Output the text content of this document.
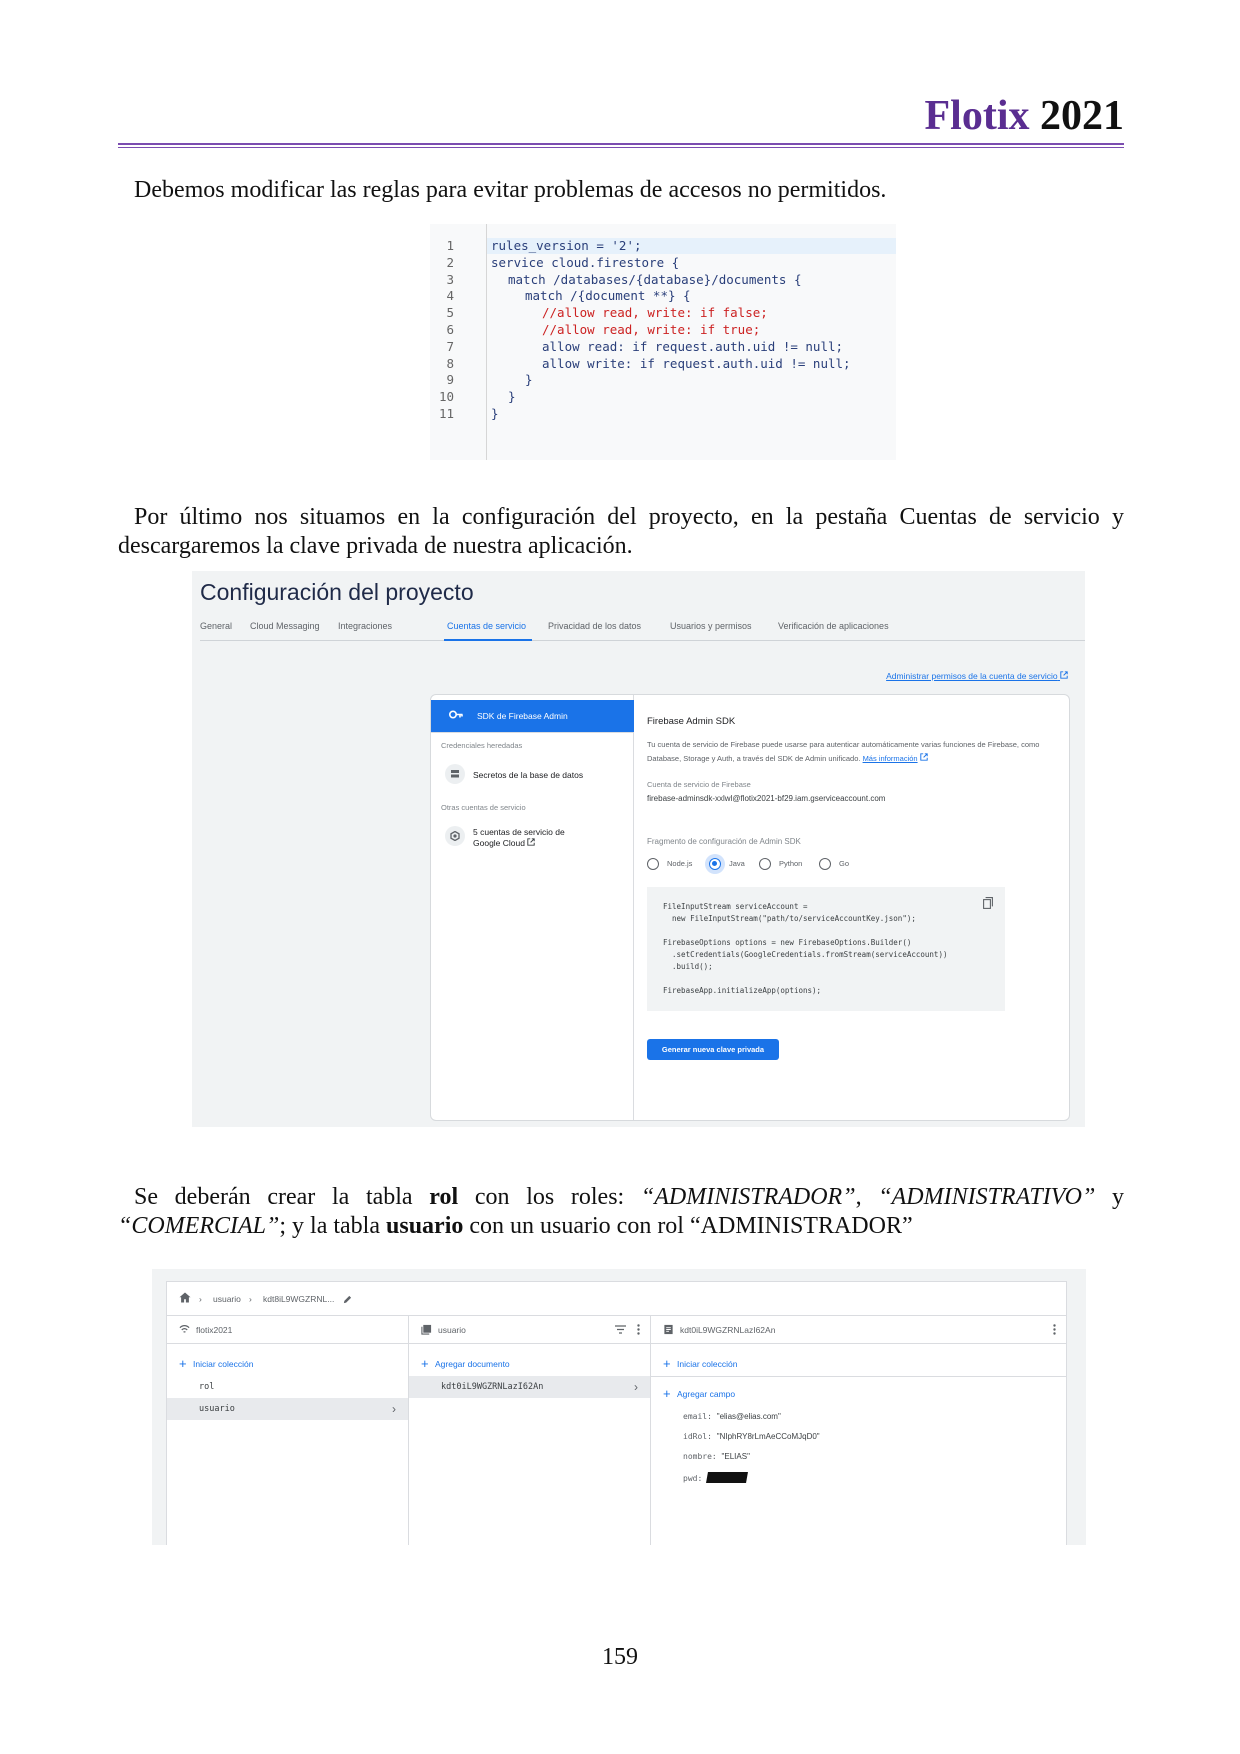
Flotix 2021
Debemos modificar las reglas para evitar problemas de accesos no permitidos.
1	rules_version = '2';
2	service cloud.firestore {
3	match /databases/{database}/documents {
4	match /{document **} {
5	//allow read, write: if false;
6	//allow read, write: if true;
7	allow read: if request.auth.uid != null;
8	allow write: if request.auth.uid != null;
9	}
10	}
11	}
Por último nos situamos en la configuración del proyecto, en la pestaña Cuentas de servicio y descargaremos la clave privada de nuestra aplicación.
Configuración del proyecto
General Cloud Messaging Integraciones	Cuentas de servicio Privacidad de los datos	Usuarios y permisos	Verificación de aplicaciones
Administrar permisos de la cuenta de servicio
SDK de Firebase Admin
Credenciales heredadas
Secretos de la base de datos
Otras cuentas de servicio
5 cuentas de servicio de
Google Cloud
Firebase Admin SDK
Tu cuenta de servicio de Firebase puede usarse para autenticar automáticamente varias funciones de Firebase, como Database, Storage y Auth, a través del SDK de Admin unificado. Más información
Cuenta de servicio de Firebase
firebase-adminsdk-xxlwl@flotix2021-bf29.iam.gserviceaccount.com
Fragmento de configuración de Admin SDK
Node.js	Java	Python	Go
FileInputStream serviceAccount =
new FileInputStream("path/to/serviceAccountKey.json");
FirebaseOptions options = new FirebaseOptions.Builder()
.setCredentials(GoogleCredentials.fromStream(serviceAccount))
.build();
FirebaseApp.initializeApp(options);
Generar nueva clave privada
Se deberán crear la tabla rol con los roles: “ADMINISTRADOR”, “ADMINISTRATIVO” y “COMERCIAL”; y la tabla usuario con un usuario con rol “ADMINISTRADOR”
› usuario › kdt8iL9WGZRNL...
flotix2021
+ Iniciar colección
rol
usuario	›
usuario
+ Agregar documento
kdt0iL9WGZRNLazI62An	›
kdt0iL9WGZRNLazI62An
+ Iniciar colección
+ Agregar campo
email: "elias@elias.com"
idRol: "NIphRY8rLmAeCCoMJqD0"
nombre: "ELIAS"
pwd:
159
